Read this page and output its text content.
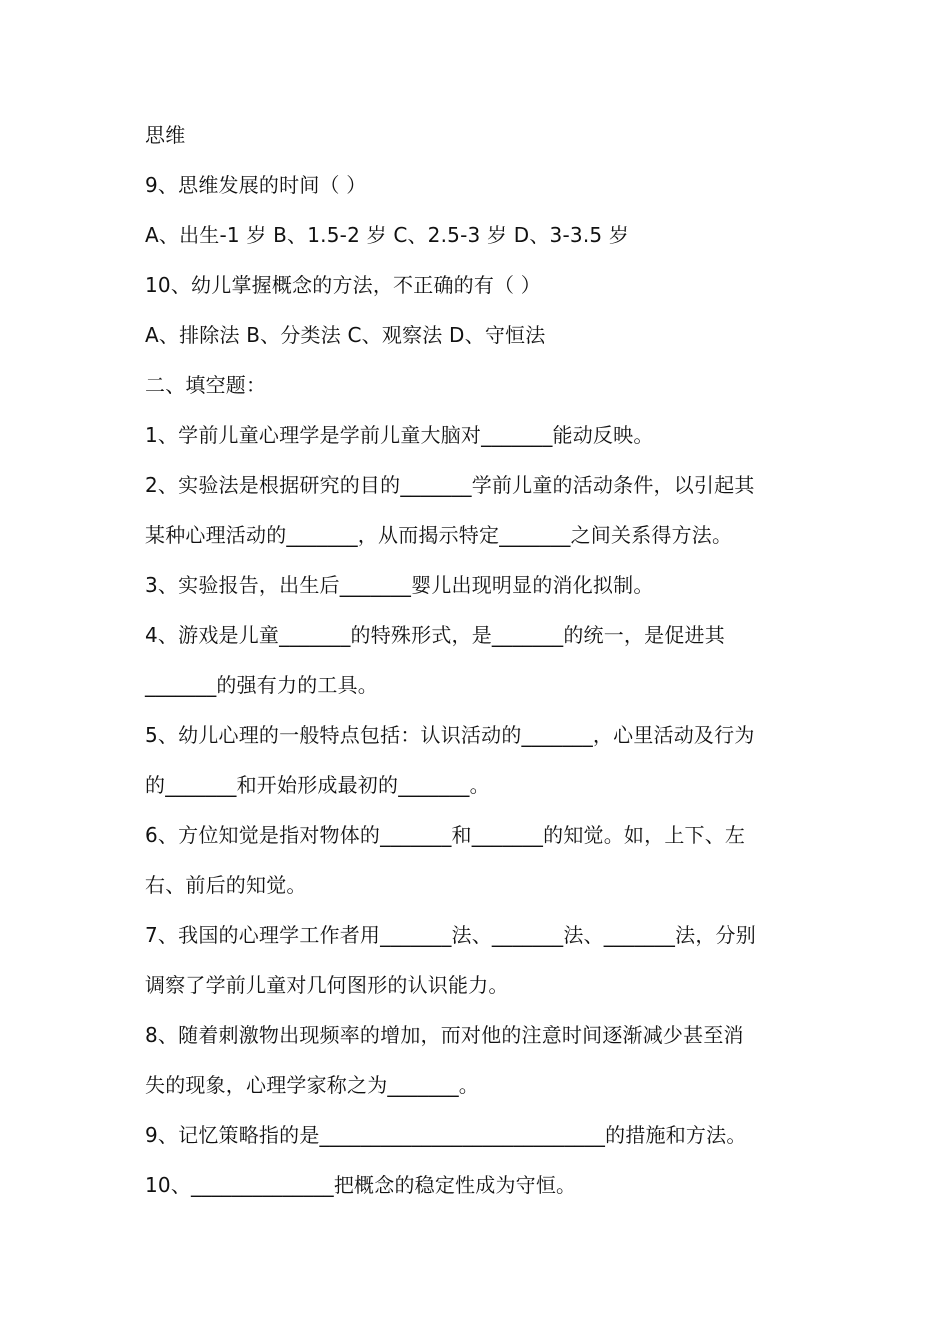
思维
9、思维发展的时间（ ）
A、出生-1 岁 B、1.5-2 岁 C、2.5-3 岁 D、3-3.5 岁
10、幼儿掌握概念的方法，不正确的有（ ）
A、排除法 B、分类法 C、观察法 D、守恒法
二、填空题：
1、学前儿童心理学是学前儿童大脑对_______能动反映。
2、实验法是根据研究的目的_______学前儿童的活动条件，以引起其
某种心理活动的_______，从而揭示特定_______之间关系得方法。
3、实验报告，出生后_______婴儿出现明显的消化拟制。
4、游戏是儿童_______的特殊形式，是_______的统一，是促进其
_______的强有力的工具。
5、幼儿心理的一般特点包括：认识活动的_______，心里活动及行为
的_______和开始形成最初的_______。
6、方位知觉是指对物体的_______和_______的知觉。如，上下、左
右、前后的知觉。
7、我国的心理学工作者用_______法、_______法、_______法，分别
调察了学前儿童对几何图形的认识能力。
8、随着刺激物出现频率的增加，而对他的注意时间逐渐减少甚至消
失的现象，心理学家称之为_______。
9、记忆策略指的是____________________________的措施和方法。
10、______________把概念的稳定性成为守恒。
